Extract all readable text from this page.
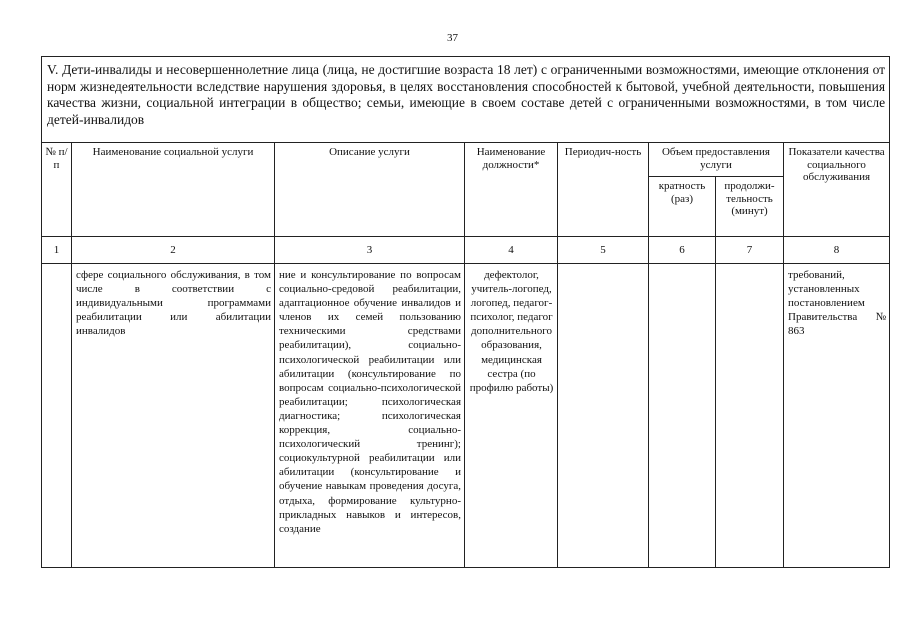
37
V. Дети-инвалиды и несовершеннолетние лица (лица, не достигшие возраста 18 лет) с ограниченными возможностями, имеющие отклонения от норм жизнедеятельности вследствие нарушения здоровья, в целях восстановления способностей к бытовой, учебной деятельности, повышения качества жизни, социальной интеграции в общество; семьи, имеющие в своем составе детей с ограниченными возможностями, в том числе детей-инвалидов							
№ п/п	Наименование социальной услуги	Описание услуги	Наименование должности*	Периодич-ность	Объем предоставления услуги		Показатели качества социального обслуживания
					кратность (раз)	продолжи-тельность (минут)	
1	2	3	4	5	6	7	8

	сфере социального обслуживания, в том числе в соответствии с индивидуальными программами реабилитации или абилитации инвалидов	ние и консультирование по вопросам социально-средовой реабилитации, адаптационное обучение инвалидов и членов их семей пользованию техническими средствами реабилитации), социально-психологической реабилитации или абилитации (консультирование по вопросам социально-психологической реабилитации; психологическая диагностика; психологическая коррекция, социально-психологический тренинг); социокультурной реабилитации или абилитации (консультирование и обучение навыкам проведения досуга, отдыха, формирование культурно-прикладных навыков и интересов, создание	дефектолог, учитель-логопед, логопед, педагог-психолог, педагог дополнительного образования, медицинская сестра (по профилю работы)				требований, установленных постановлением Правительства № 863
